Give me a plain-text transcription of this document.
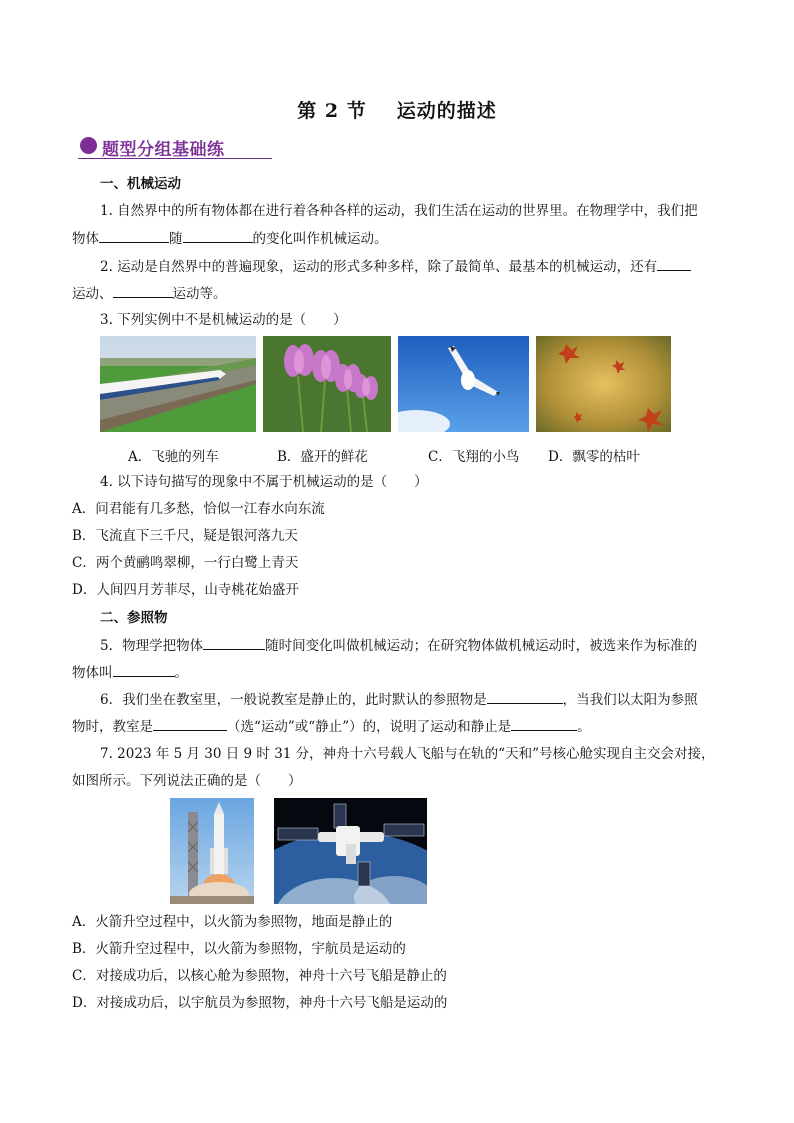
第 2 节 运动的描述
题型分组基础练
一、机械运动
1. 自然界中的所有物体都在进行着各种各样的运动，我们生活在运动的世界里。在物理学中，我们把
物体	随	的变化叫作机械运动。
2. 运动是自然界中的普遍现象，运动的形式多种多样，除了最简单、最基本的机械运动，还有
运动、	运动等。
3. 下列实例中不是机械运动的是（　　）
A．飞驰的列车	B．盛开的鲜花	C．飞翔的小鸟 D．飘零的枯叶
4. 以下诗句描写的现象中不属于机械运动的是（　　）
A．问君能有几多愁，恰似一江春水向东流
B．飞流直下三千尺，疑是银河落九天
C．两个黄鹂鸣翠柳，一行白鹭上青天
D．人间四月芳菲尽，山寺桃花始盛开
二、参照物
5．物理学把物体	随时间变化叫做机械运动；在研究物体做机械运动时，被选来作为标准的
物体叫	。
6．我们坐在教室里，一般说教室是静止的，此时默认的参照物是	，当我们以太阳为参照
物时，教室是	（选“运动”或“静止”）的，说明了运动和静止是	。
7. 2023 年 5 月 30 日 9 时 31 分，神舟十六号载人飞船与在轨的“天和”号核心舱实现自主交会对接，
如图所示。下列说法正确的是（　　）
A．火箭升空过程中，以火箭为参照物，地面是静止的
B．火箭升空过程中，以火箭为参照物，宇航员是运动的
C．对接成功后，以核心舱为参照物，神舟十六号飞船是静止的
D．对接成功后，以宇航员为参照物，神舟十六号飞船是运动的
